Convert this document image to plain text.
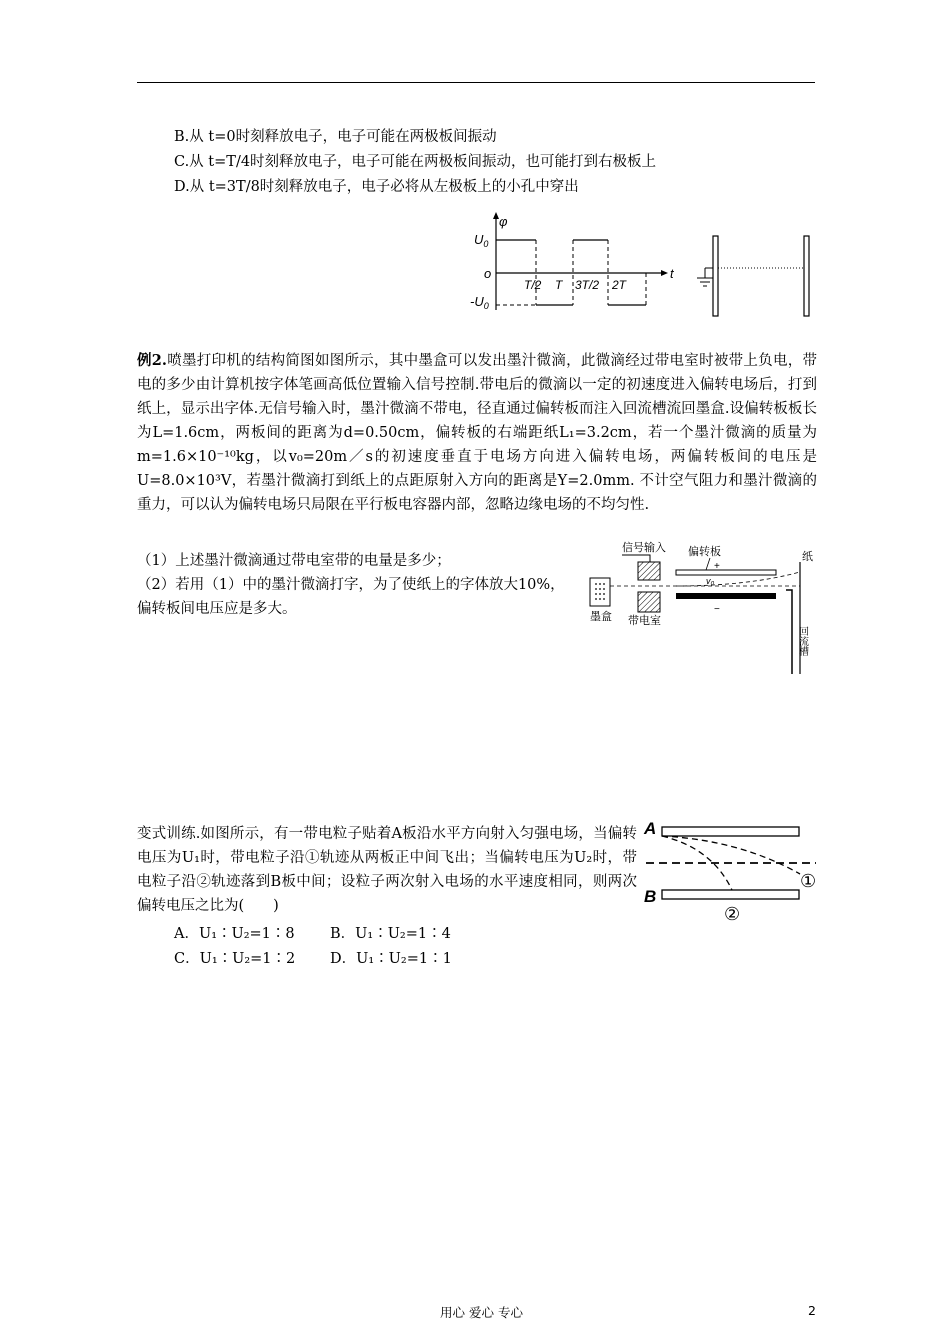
B.从 t=0时刻释放电子，电子可能在两极板间振动
C.从 t=T/4时刻释放电子，电子可能在两极板间振动，也可能打到右极板上
D.从 t=3T/8时刻释放电子，电子必将从左极板上的小孔中穿出
φ
t
o
$U_0$
$-U_0$
T/2 T 3T/2 2T
例2.喷墨打印机的结构简图如图所示，其中墨盒可以发出墨汁微滴，此微滴经过带电室时被带上负电，带电的多少由计算机按字体笔画高低位置输入信号控制.带电后的微滴以一定的初速度进入偏转电场后，打到纸上，显示出字体.无信号输入时，墨汁微滴不带电，径直通过偏转板而注入回流槽流回墨盒.设偏转板板长为L=1.6cm，两板间的距离为d=0.50cm，偏转板的右端距纸L₁=3.2cm，若一个墨汁微滴的质量为m=1.6×10⁻¹⁰kg，以v₀=20m／s的初速度垂直于电场方向进入偏转电场，两偏转板间的电压是U=8.0×10³V，若墨汁微滴打到纸上的点距原射入方向的距离是Y=2.0mm. 不计空气阻力和墨汁微滴的重力，可以认为偏转电场只局限在平行板电容器内部，忽略边缘电场的不均匀性.
（1）上述墨汁微滴通过带电室带的电量是多少；
（2）若用（1）中的墨汁微滴打字，为了使纸上的字体放大10%，偏转板间电压应是多大。
信号输入 偏转板	纸
墨盒 带电室
+
−
v₀
回流槽
变式训练.如图所示，有一带电粒子贴着A板沿水平方向射入匀强电场，当偏转电压为U₁时，带电粒子沿①轨迹从两板正中间飞出；当偏转电压为U₂时，带电粒子沿②轨迹落到B板中间；设粒子两次射入电场的水平速度相同，则两次偏转电压之比为(　　)
A．U₁∶U₂=1∶8 B．U₁∶U₂=1∶4
C．U₁∶U₂=1∶2 D．U₁∶U₂=1∶1
A
B
①
②
用心 爱心 专心	2
